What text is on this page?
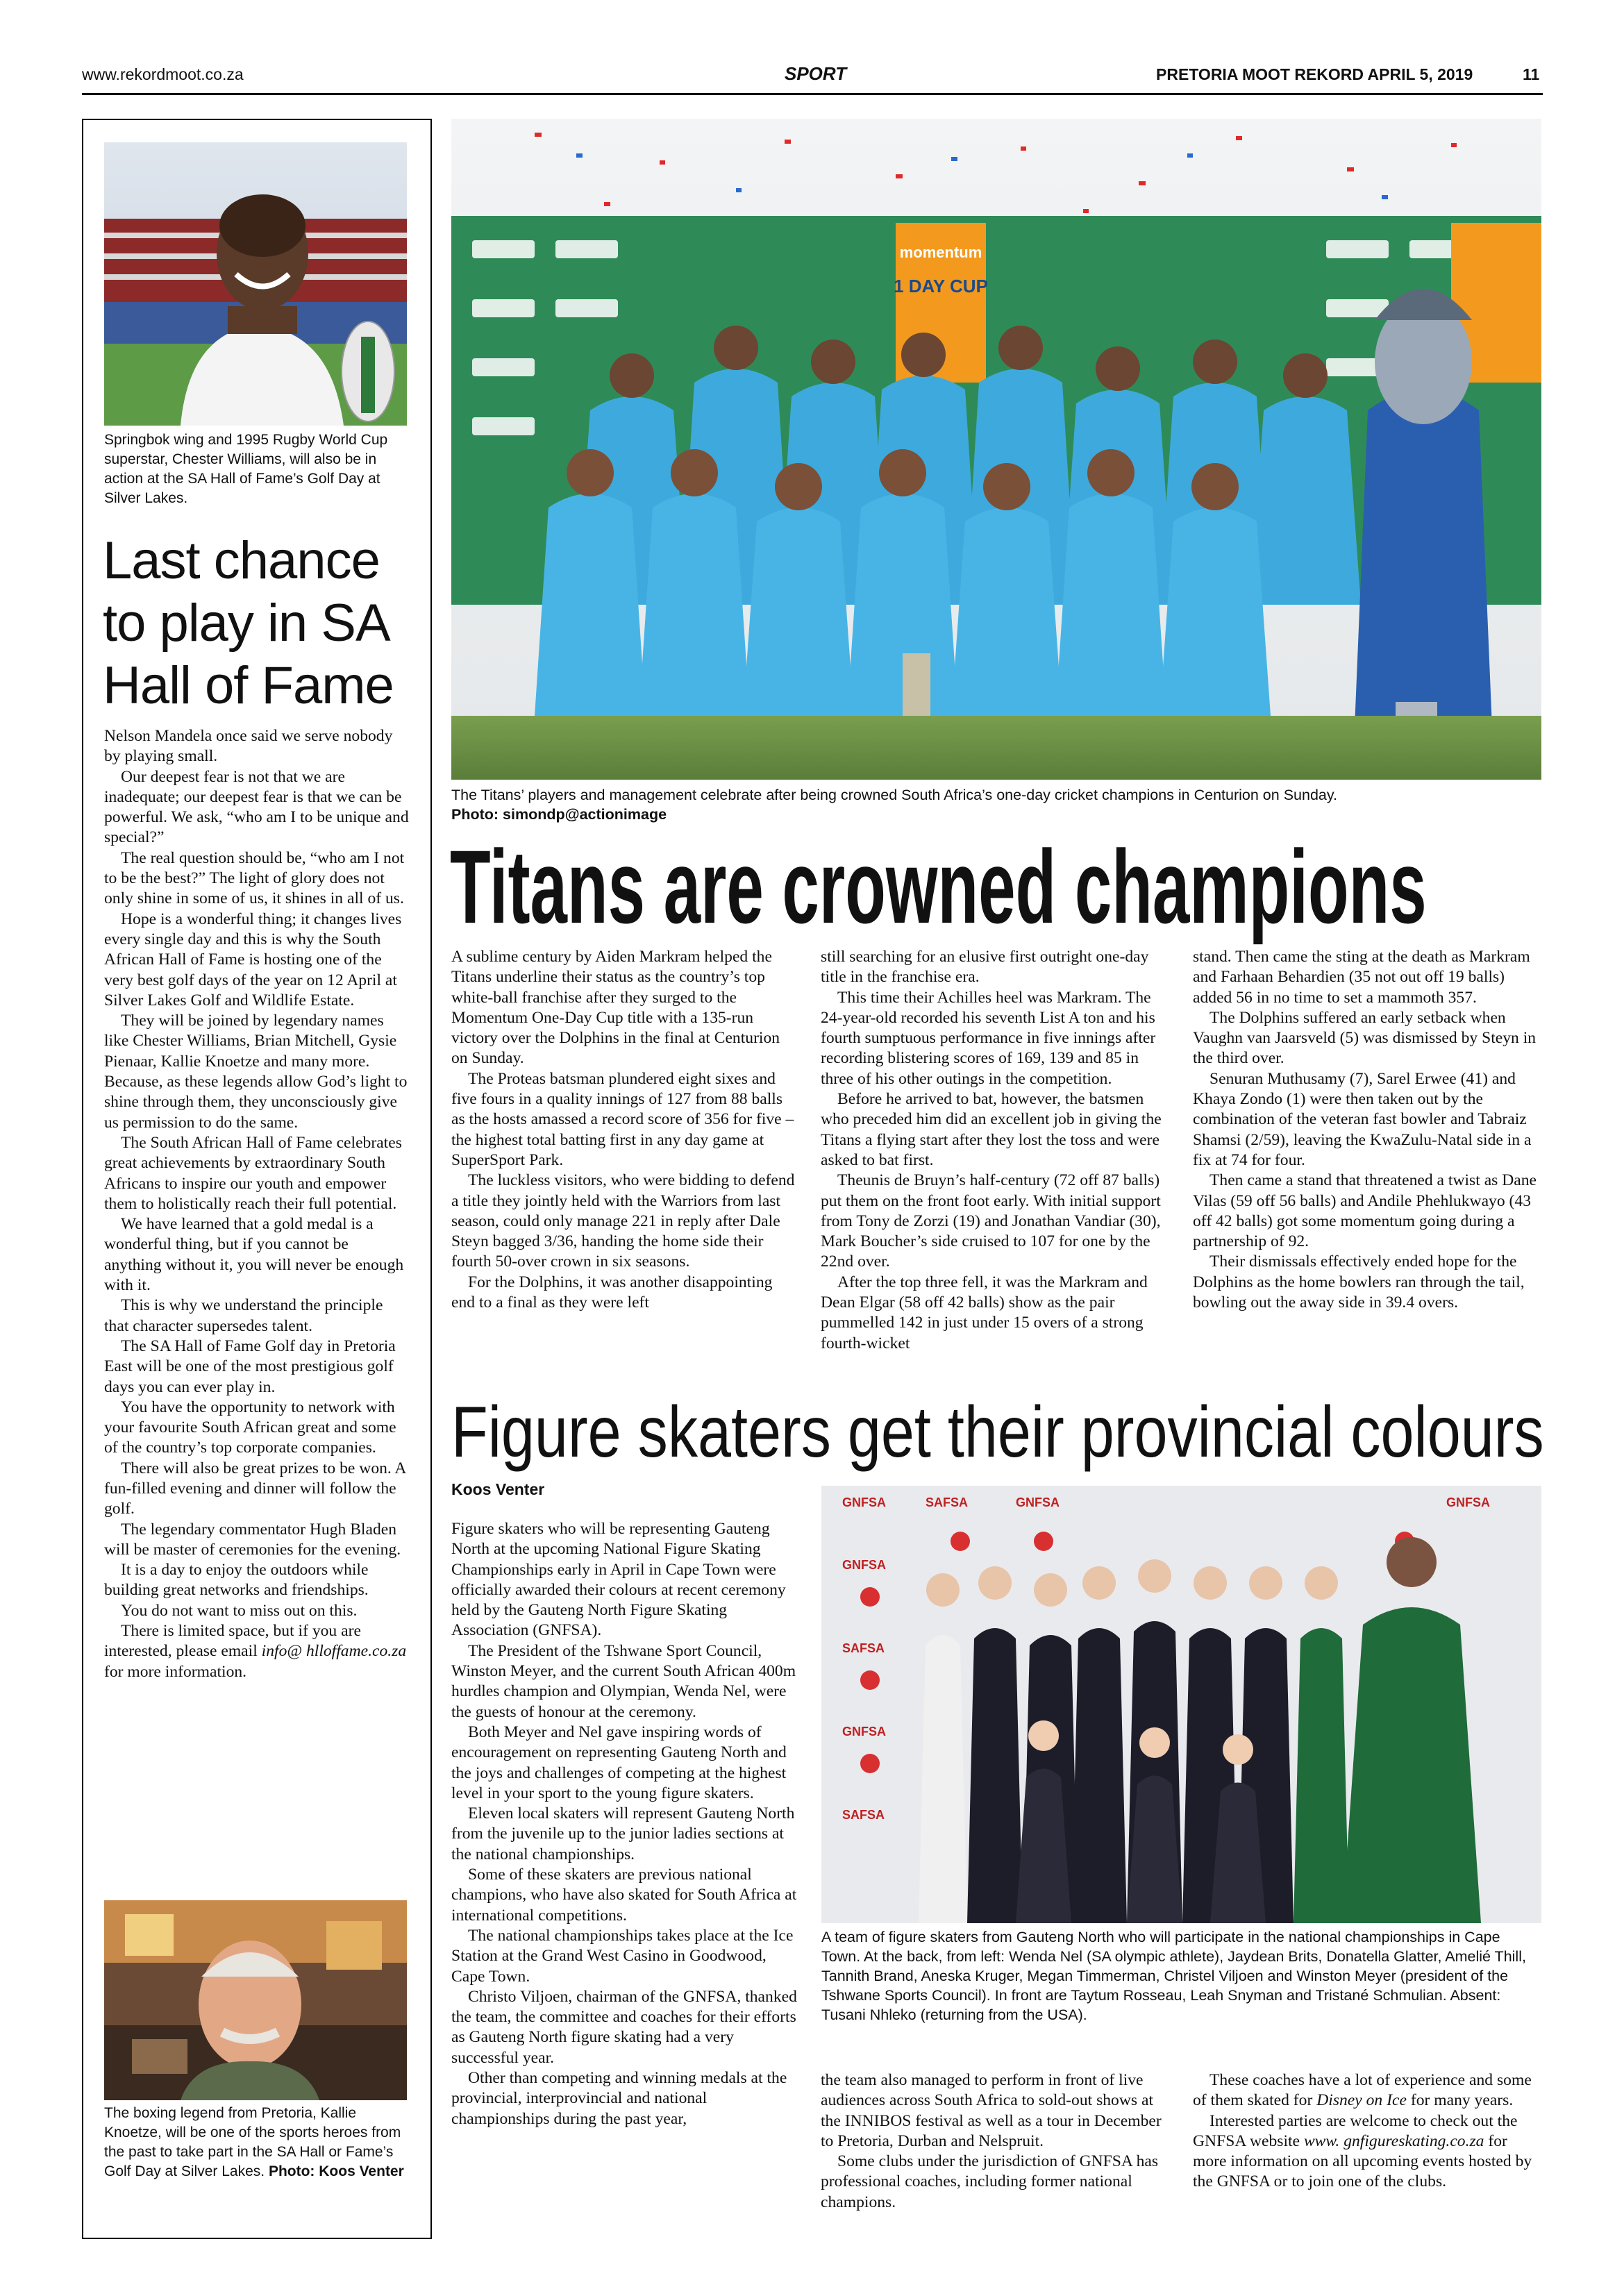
www.rekordmoot.co.za	SPORT	PRETORIA MOOT REKORD APRIL 5, 2019	11
Springbok wing and 1995 Rugby World Cup superstar, Chester Williams, will also be in action at the SA Hall of Fame’s Golf Day at Silver Lakes.
Last chance
to play in SA
Hall of Fame

Nelson Mandela once said we serve nobody by playing small.

Our deepest fear is not that we are inadequate; our deepest fear is that we can be powerful. We ask, “who am I to be unique and special?”

The real question should be, “who am I not to be the best?” The light of glory does not only shine in some of us, it shines in all of us.

Hope is a wonderful thing; it changes lives every single day and this is why the South African Hall of Fame is hosting one of the very best golf days of the year on 12 April at Silver Lakes Golf and Wildlife Estate.

They will be joined by legendary names like Chester Williams, Brian Mitchell, Gysie Pienaar, Kallie Knoetze and many more. Because, as these legends allow God’s light to shine through them, they unconsciously give us permission to do the same.

The South African Hall of Fame celebrates great achievements by extraordinary South Africans to inspire our youth and empower them to holistically reach their full potential.

We have learned that a gold medal is a wonderful thing, but if you cannot be anything without it, you will never be enough with it.

This is why we understand the principle that character supersedes talent.

The SA Hall of Fame Golf day in Pretoria East will be one of the most prestigious golf days you can ever play in.

You have the opportunity to network with your favourite South African great and some of the country’s top corporate companies.

There will also be great prizes to be won. A fun-filled evening and dinner will follow the golf.

The legendary commentator Hugh Bladen will be master of ceremonies for the evening.

It is a day to enjoy the outdoors while building great networks and friendships.

You do not want to miss out on this.

There is limited space, but if you are interested, please email info@ hlloffame.co.za for more information.

The boxing legend from Pretoria, Kallie Knoetze, will be one of the sports heroes from the past to take part in the SA Hall or Fame’s Golf Day at Silver Lakes. Photo: Koos Venter
momentum
1 DAY CUP
The Titans’ players and management celebrate after being crowned South Africa’s one-day cricket champions in Centurion on Sunday.
Photo: simondp@actionimage
Titans are crowned champions

A sublime century by Aiden Markram helped the Titans underline their status as the country’s top white-ball franchise after they surged to the Momentum One-Day Cup title with a 135-run victory over the Dolphins in the final at Centurion on Sunday.

The Proteas batsman plundered eight sixes and five fours in a quality innings of 127 from 88 balls as the hosts amassed a record score of 356 for five – the highest total batting first in any day game at SuperSport Park.

The luckless visitors, who were bidding to defend a title they jointly held with the Warriors from last season, could only manage 221 in reply after Dale Steyn bagged 3/36, handing the home side their fourth 50-over crown in six seasons.

For the Dolphins, it was another disappointing end to a final as they were left

still searching for an elusive first outright one-day title in the franchise era.

This time their Achilles heel was Markram. The 24-year-old recorded his seventh List A ton and his fourth sumptuous performance in five innings after recording blistering scores of 169, 139 and 85 in three of his other outings in the competition.

Before he arrived to bat, however, the batsmen who preceded him did an excellent job in giving the Titans a flying start after they lost the toss and were asked to bat first.

Theunis de Bruyn’s half-century (72 off 87 balls) put them on the front foot early. With initial support from Tony de Zorzi (19) and Jonathan Vandiar (30), Mark Boucher’s side cruised to 107 for one by the 22nd over.

After the top three fell, it was the Markram and Dean Elgar (58 off 42 balls) show as the pair pummelled 142 in just under 15 overs of a strong fourth-wicket

stand. Then came the sting at the death as Markram and Farhaan Behardien (35 not out off 19 balls) added 56 in no time to set a mammoth 357.

The Dolphins suffered an early setback when Vaughn van Jaarsveld (5) was dismissed by Steyn in the third over.

Senuran Muthusamy (7), Sarel Erwee (41) and Khaya Zondo (1) were then taken out by the combination of the veteran fast bowler and Tabraiz Shamsi (2/59), leaving the KwaZulu-Natal side in a fix at 74 for four.

Then came a stand that threatened a twist as Dane Vilas (59 off 56 balls) and Andile Phehlukwayo (43 off 42 balls) got some momentum going during a partnership of 92.

Their dismissals effectively ended hope for the Dolphins as the home bowlers ran through the tail, bowling out the away side in 39.4 overs.

Figure skaters get their provincial colours
Koos Venter

Figure skaters who will be representing Gauteng North at the upcoming National Figure Skating Championships early in April in Cape Town were officially awarded their colours at recent ceremony held by the Gauteng North Figure Skating Association (GNFSA).

The President of the Tshwane Sport Council, Winston Meyer, and the current South African 400m hurdles champion and Olympian, Wenda Nel, were the guests of honour at the ceremony.

Both Meyer and Nel gave inspiring words of encouragement on representing Gauteng North and the joys and challenges of competing at the highest level in your sport to the young figure skaters.

Eleven local skaters will represent Gauteng North from the juvenile up to the junior ladies sections at the national championships.

Some of these skaters are previous national champions, who have also skated for South Africa at international competitions.

The national championships takes place at the Ice Station at the Grand West Casino in Goodwood, Cape Town.

Christo Viljoen, chairman of the GNFSA, thanked the team, the committee and coaches for their efforts as Gauteng North figure skating had a very successful year.

Other than competing and winning medals at the provincial, interprovincial and national championships during the past year,

GNFSA	SAFSA	GNFSA
GNFSA
SAFSA
GNFSA
SAFSA
GNFSA
A team of figure skaters from Gauteng North who will participate in the national championships in Cape Town. At the back, from left: Wenda Nel (SA olympic athlete), Jaydean Brits, Donatella Glatter, Amelié Thill, Tannith Brand, Aneska Kruger, Megan Timmerman, Christel Viljoen and Winston Meyer (president of the Tshwane Sports Council). In front are Taytum Rosseau, Leah Snyman and Tristané Schmulian. Absent: Tusani Nhleko (returning from the USA).

the team also managed to perform in front of live audiences across South Africa to sold-out shows at the INNIBOS festival as well as a tour in December to Pretoria, Durban and Nelspruit.

Some clubs under the jurisdiction of GNFSA has professional coaches, including former national champions.

These coaches have a lot of experience and some of them skated for Disney on Ice for many years.

Interested parties are welcome to check out the GNFSA website www. gnfigureskating.co.za for more information on all upcoming events hosted by the GNFSA or to join one of the clubs.
